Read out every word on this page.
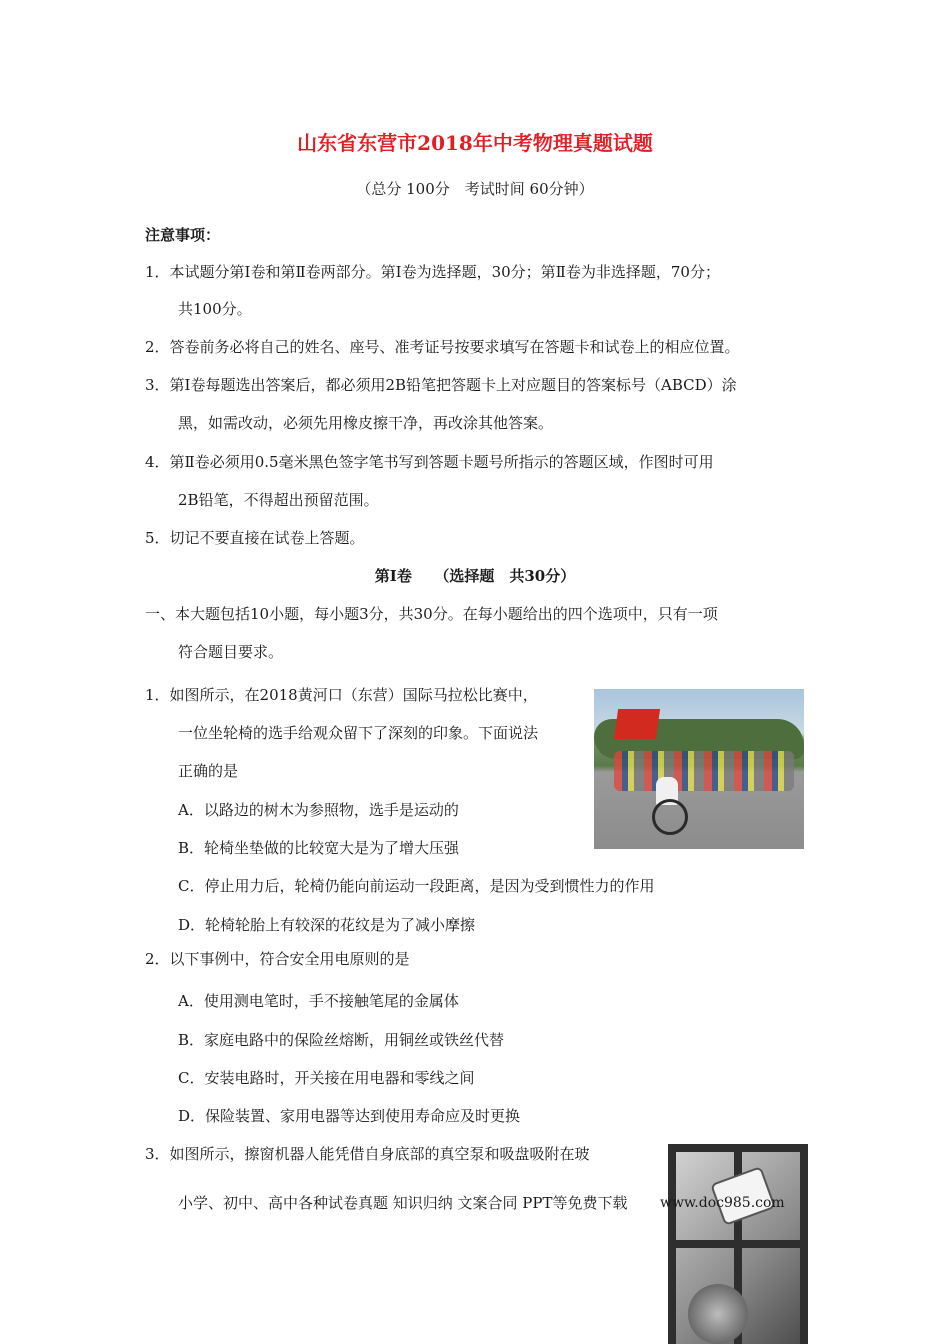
山东省东营市2018年中考物理真题试题
（总分 100分　考试时间 60分钟）
注意事项：
1．本试题分第Ⅰ卷和第Ⅱ卷两部分。第Ⅰ卷为选择题，30分；第Ⅱ卷为非选择题，70分；
共100分。
2．答卷前务必将自己的姓名、座号、准考证号按要求填写在答题卡和试卷上的相应位置。
3．第Ⅰ卷每题选出答案后，都必须用2B铅笔把答题卡上对应题目的答案标号（ABCD）涂
黑，如需改动，必须先用橡皮擦干净，再改涂其他答案。
4．第Ⅱ卷必须用0.5毫米黑色签字笔书写到答题卡题号所指示的答题区域，作图时可用
2B铅笔，不得超出预留范围。
5．切记不要直接在试卷上答题。
第Ⅰ卷　　（选择题　共30分）
一、本大题包括10小题，每小题3分，共30分。在每小题给出的四个选项中，只有一项
符合题目要求。
1．如图所示，在2018黄河口（东营）国际马拉松比赛中，
一位坐轮椅的选手给观众留下了深刻的印象。下面说法
正确的是
A．以路边的树木为参照物，选手是运动的
B．轮椅坐垫做的比较宽大是为了增大压强
C．停止用力后，轮椅仍能向前运动一段距离，是因为受到惯性力的作用
D．轮椅轮胎上有较深的花纹是为了减小摩擦
2．以下事例中，符合安全用电原则的是
A．使用测电笔时，手不接触笔尾的金属体
B．家庭电路中的保险丝熔断，用铜丝或铁丝代替
C．安装电路时，开关接在用电器和零线之间
D．保险装置、家用电器等达到使用寿命应及时更换
3．如图所示，擦窗机器人能凭借自身底部的真空泵和吸盘吸附在玻
小学、初中、高中各种试卷真题 知识归纳 文案合同 PPT等免费下载 www.doc985.com
